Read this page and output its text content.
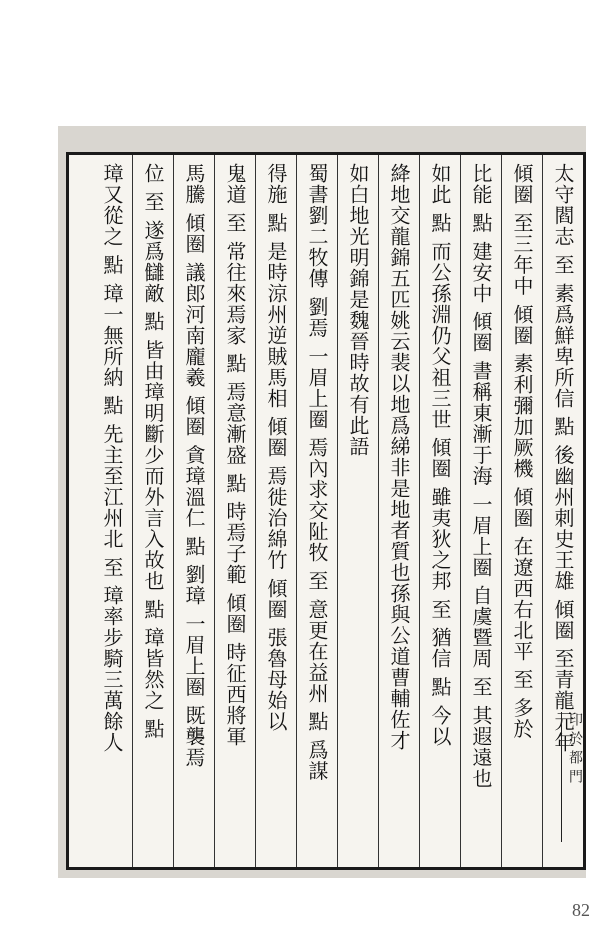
太守閻志 至 素爲鮮卑所信 點 後幽州刺史王雄 傾圈 至青龍元年
傾圈 至三年中 傾圈 素利彌加厥機 傾圈 在遼西右北平 至 多於
比能 點 建安中 傾圈 書稱東漸于海 一眉上圈 自虞暨周 至 其遐遠也
如此 點 而公孫淵仍父祖三世 傾圈 雖夷狄之邦 至 猶信 點 今以
絳地交龍錦五匹姚云裴以地爲綈非是地者質也孫與公道曹輔佐才
如白地光明錦是魏晉時故有此語
蜀書劉二牧傳 劉焉 一眉上圈 焉內求交阯牧 至 意更在益州 點 爲謀
得施 點 是時涼州逆賊馬相 傾圈 焉徙治綿竹 傾圈 張魯母始以
鬼道 至 常往來焉家 點 焉意漸盛 點 時焉子範 傾圈 時征西將軍
馬騰 傾圈 議郎河南龐羲 傾圈 貪璋溫仁 點 劉璋 一眉上圈 既襲焉
位 至 遂爲讎敵 點 皆由璋明斷少而外言入故也 點 璋皆然之 點
璋又從之 點 璋一無所納 點 先主至江州北 至 璋率步騎三萬餘人	印於都門
82
